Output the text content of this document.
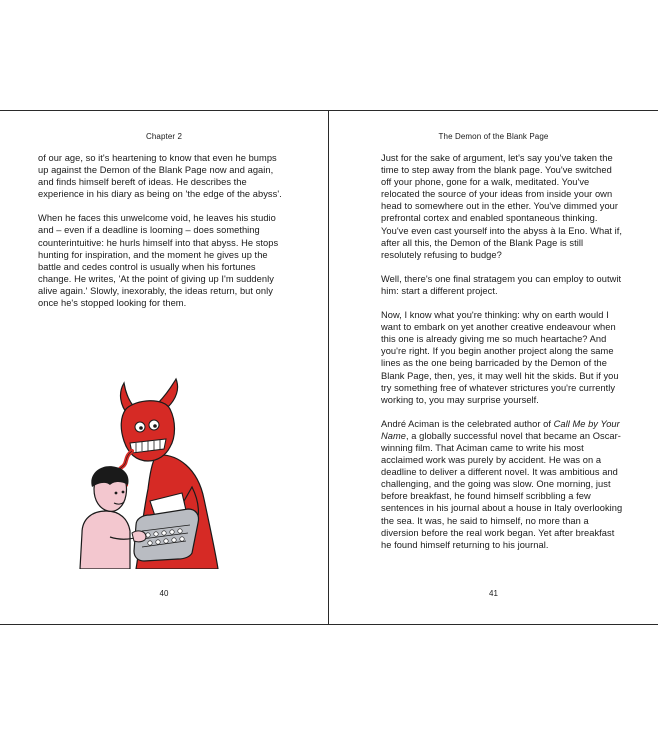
Chapter 2

of our age, so it's heartening to know that even he bumps up against the Demon of the Blank Page now and again, and finds himself bereft of ideas. He describes the experience in his diary as being on 'the edge of the abyss'.

When he faces this unwelcome void, he leaves his studio and – even if a deadline is looming – does something counterintuitive: he hurls himself into that abyss. He stops hunting for inspiration, and the moment he gives up the battle and cedes control is usually when his fortunes change. He writes, 'At the point of giving up I'm suddenly alive again.' Slowly, inexorably, the ideas return, but only once he's stopped looking for them.

40
The Demon of the Blank Page

Just for the sake of argument, let's say you've taken the time to step away from the blank page. You've switched off your phone, gone for a walk, meditated. You've relocated the source of your ideas from inside your own head to somewhere out in the ether. You've dimmed your prefrontal cortex and enabled spontaneous thinking. You've even cast yourself into the abyss à la Eno. What if, after all this, the Demon of the Blank Page is still resolutely refusing to budge?

Well, there's one final stratagem you can employ to outwit him: start a different project.

Now, I know what you're thinking: why on earth would I want to embark on yet another creative endeavour when this one is already giving me so much heartache? And you're right. If you begin another project along the same lines as the one being barricaded by the Demon of the Blank Page, then, yes, it may well hit the skids. But if you try something free of whatever strictures you're currently working to, you may surprise yourself.

André Aciman is the celebrated author of Call Me by Your Name, a globally successful novel that became an Oscar-winning film. That Aciman came to write his most acclaimed work was purely by accident. He was on a deadline to deliver a different novel. It was ambitious and challenging, and the going was slow. One morning, just before breakfast, he found himself scribbling a few sentences in his journal about a house in Italy overlooking the sea. It was, he said to himself, no more than a diversion before the real work began. Yet after breakfast he found himself returning to his journal.

41
